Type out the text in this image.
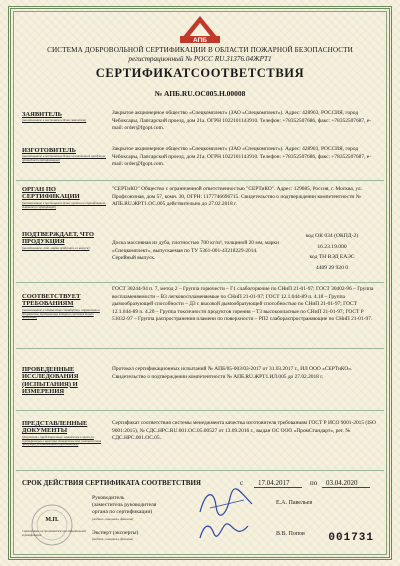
АПБ
СИСТЕМА ДОБРОВОЛЬНОЙ СЕРТИФИКАЦИИ В ОБЛАСТИ ПОЖАРНОЙ БЕЗОПАСНОСТИ
регистрационный № РОСС RU.31376.04ЖРТ1
СЕРТИФИКАТСООТВЕТСТВИЯ
№ АПБ.RU.OC005.H.00008
ЗАЯВИТЕЛЬ
(наименование и местонахождение заявителя)
Закрытое акционерное общество «Спецкомплект» (ЗАО «Спецкомплект»). Адрес: 428903, РОССИЯ, город Чебоксары, Лапсарский проезд, дом 21а. ОГРН 1022101143910. Телефон: +78352507686, факс: +78352507687, e-mail: order@fgopt.com.
ИЗГОТОВИТЕЛЬ
(наименование и местонахождение изготовителя продукции, прошедшей сертификацию)
Закрытое акционерное общество «Спецкомплект» (ЗАО «Спецкомплект»). Адрес: 428903, РОССИЯ, город Чебоксары, Лапсарский проезд, дом 21а. ОГРН 1022101143910. Телефон: +78352507686, факс: +78352507687, e-mail: order@fgopt.com.
ОРГАН ПО СЕРТИФИКАЦИИ
(наименование и местонахождение органа по сертификации, выдавшего сертификат)
"СЕРТиКО" Общество с ограниченной ответственностью "СЕРТиКО". Адрес: 129085, Россия, г. Москва, ул. Профсоюзная, дом 57, комн. 30, ОГРН: 1177746696715. Свидетельство о подтверждении компетентности № АПБ.RU.ЖРТ1.ОС.005 действительно до 27.02.2018 г.
ПОДТВЕРЖДАЕТ, ЧТО ПРОДУКЦИЯ
(наименование, тип, марка продукции, ее выпуск)
Доска массивная из дуба, плотностью 700 кг/м³, толщиной 20 мм, марки «Спецкомплект», выпускаемая по ТУ 5361-001-43218229-2014. Серийный выпуск.
код ОК 034 (ОКПД-2)
16.23.19.000
код ТН ВЭД ЕАЭС
4409 29 920 0
СООТВЕТСТВУЕТ ТРЕБОВАНИЯМ
(наименование и обозначение стандартов, нормативных документов, требованиям которых соответствует продукция)
ГОСТ 30244-94 п. 7, метод 2 – Группа горючести – Г1 слабогорючие по СНиП 21-01-97; ГОСТ 30402-96 – Группа воспламеняемости – В3 легковоспламеняемые по СНиП 21-01-97; ГОСТ 12.1.044-89 п. 4.18 – Группа дымообразующей способности – Д3 с высокой дымообразующей способностью по СНиП 21-01-97; ГОСТ 12.1.044-89 п. 4.20 – Группа токсичности продуктов горения – Т3 высокоопасные по СНиП 21-01-97; ГОСТ Р 51032-97 – Группа распространения пламени по поверхности – РП2 слабораспространяющие по СНиП 21-01-97.
ПРОВЕДЕННЫЕ ИССЛЕДОВАНИЯ (ИСПЫТАНИЯ) И ИЗМЕРЕНИЯ
Протокол сертификационных испытаний № АПБ/05-003/03-2017 от 31.03.2017 г., ИЛ ООО «СЕРТиКО». Свидетельство о подтверждении компетентности № АПБ.RU.ЖРТ1.ИЛ.005 до 27.02.2018 г.
ПРЕДСТАВЛЕННЫЕ ДОКУМЕНТЫ
(документы, представленные заявителем в орган по сертификации в качестве доказательства соответствия продукции установленным требованиям)
Сертификат соответствия системы менеджмента качества изготовителя требованиям ГОСТ Р ИСО 9001-2015 (ISO 9001:2015), № СДС.НРС.RU.001.ОС.05.00527 от 13.09.2016 г., выдан ОС ООО «ПромСтандарт», рег. № СДС.НРС.001.ОС.05.
СРОК ДЕЙСТВИЯ СЕРТИФИКАТА СООТВЕТСТВИЯ	с 17.04.2017	по 03.04.2020
М.П.
Сертификат не применяется при обязательной сертификации
Руководитель
(заместитель руководителя
органа по сертификации)
(подпись, инициалы, фамилия)
Е.А. Павельев
Эксперт (эксперты)
(подпись, инициалы, фамилия)
В.В. Попов 001731
